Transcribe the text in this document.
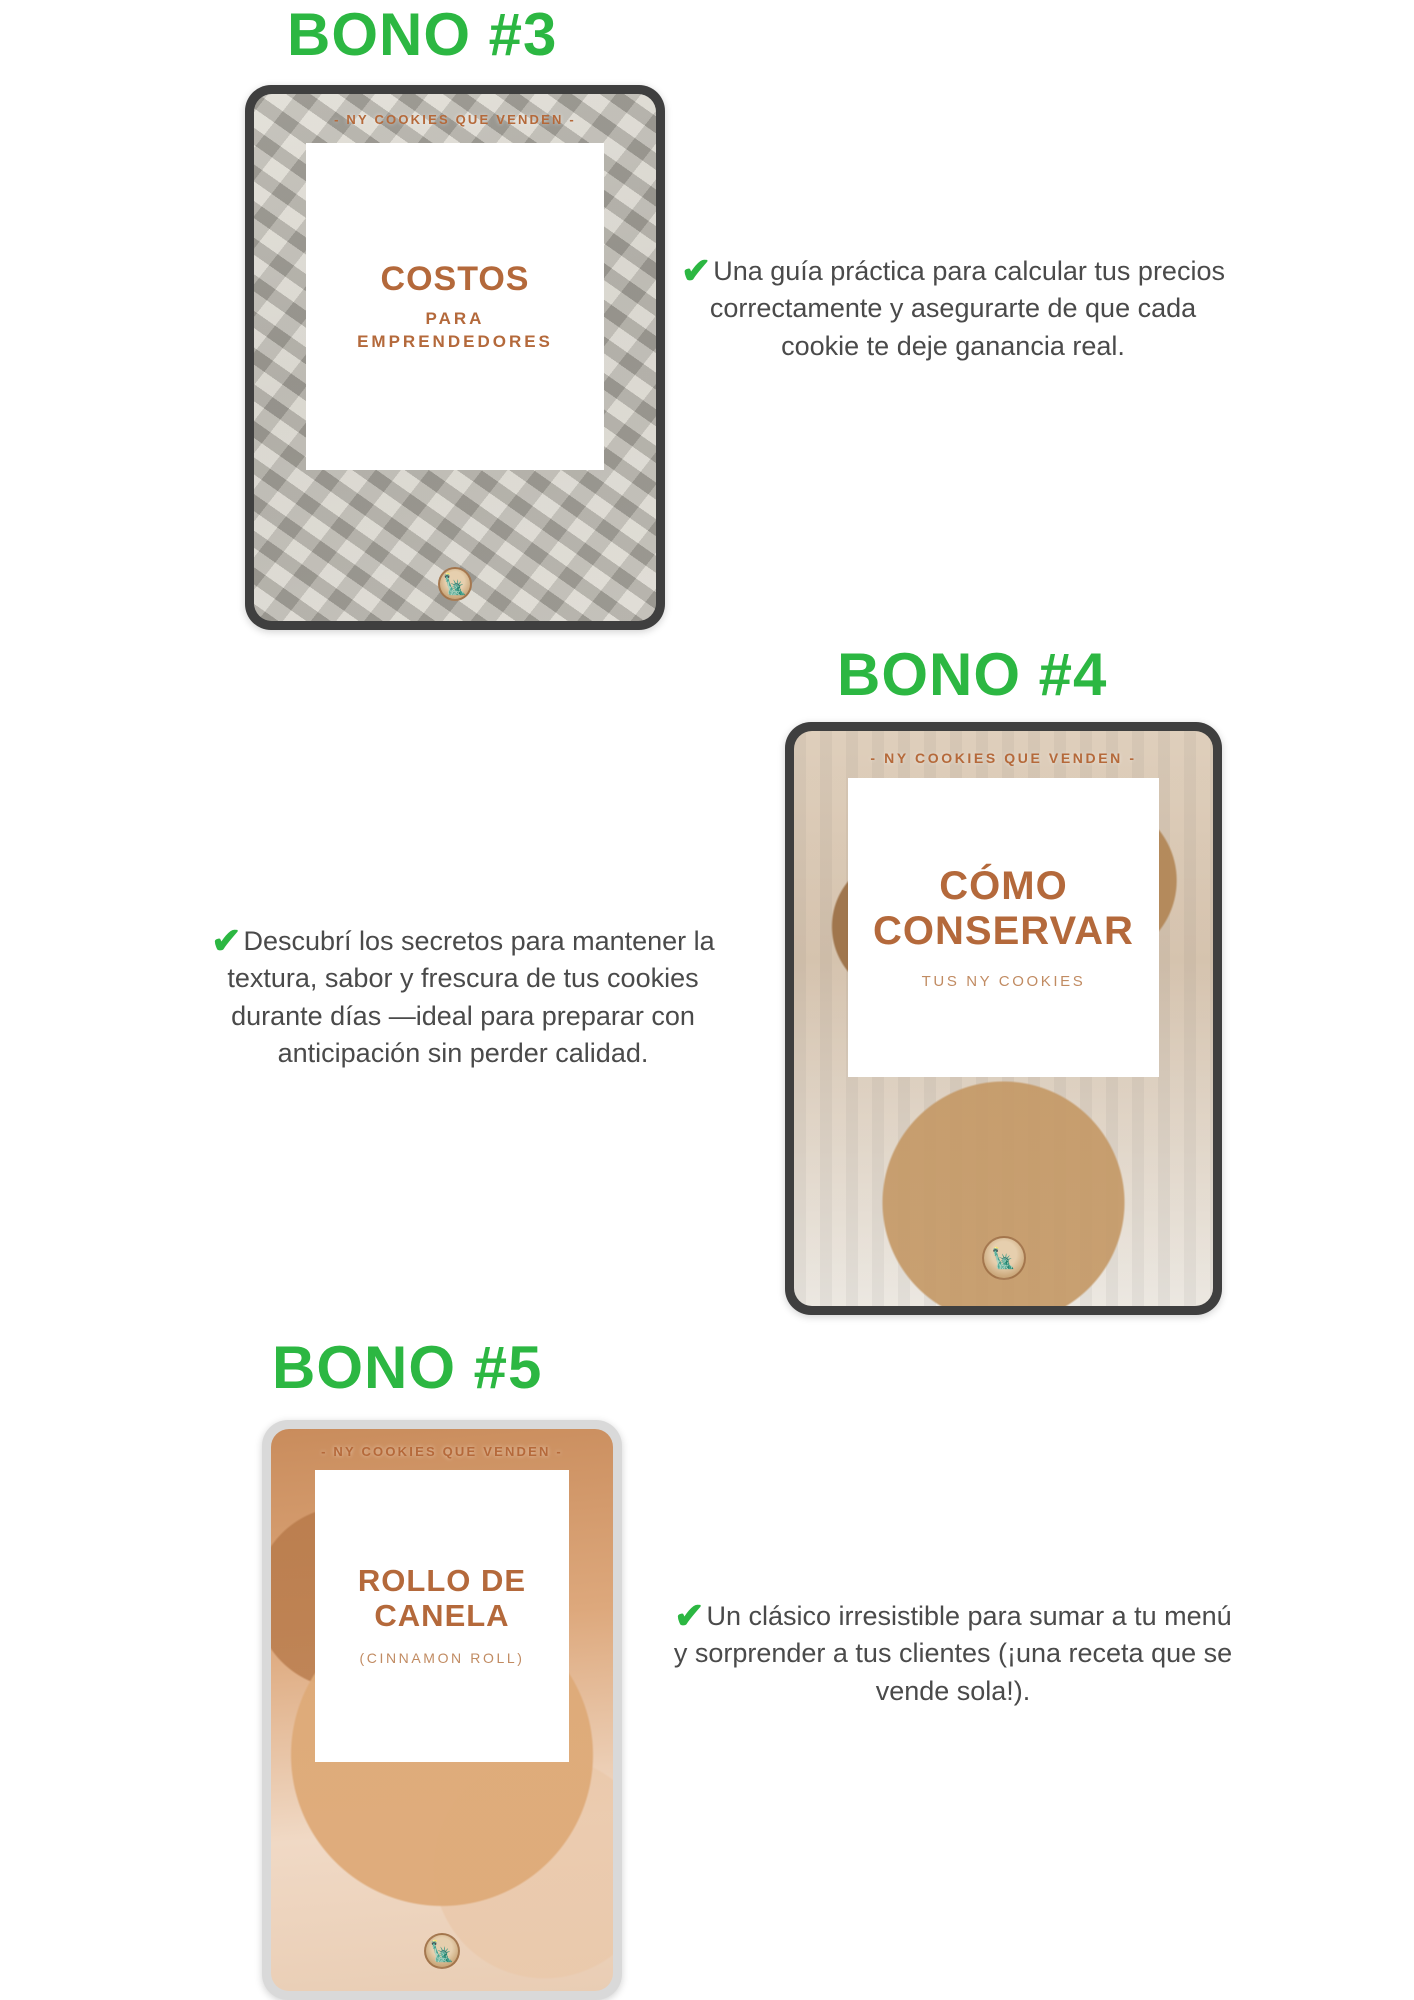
BONO #3
- NY COOKIES QUE VENDEN -
COSTOS
PARA
EMPRENDEDORES
🗽
✔Una guía práctica para calcular tus precios correctamente y asegurarte de que cada cookie te deje ganancia real.
BONO #4
- NY COOKIES QUE VENDEN -
CÓMO
CONSERVAR
TUS NY COOKIES
🗽
✔Descubrí los secretos para mantener la textura, sabor y frescura de tus cookies durante días —ideal para preparar con anticipación sin perder calidad.
BONO #5
- NY COOKIES QUE VENDEN -
ROLLO DE
CANELA
(CINNAMON ROLL)
🗽
✔Un clásico irresistible para sumar a tu menú y sorprender a tus clientes (¡una receta que se vende sola!).
